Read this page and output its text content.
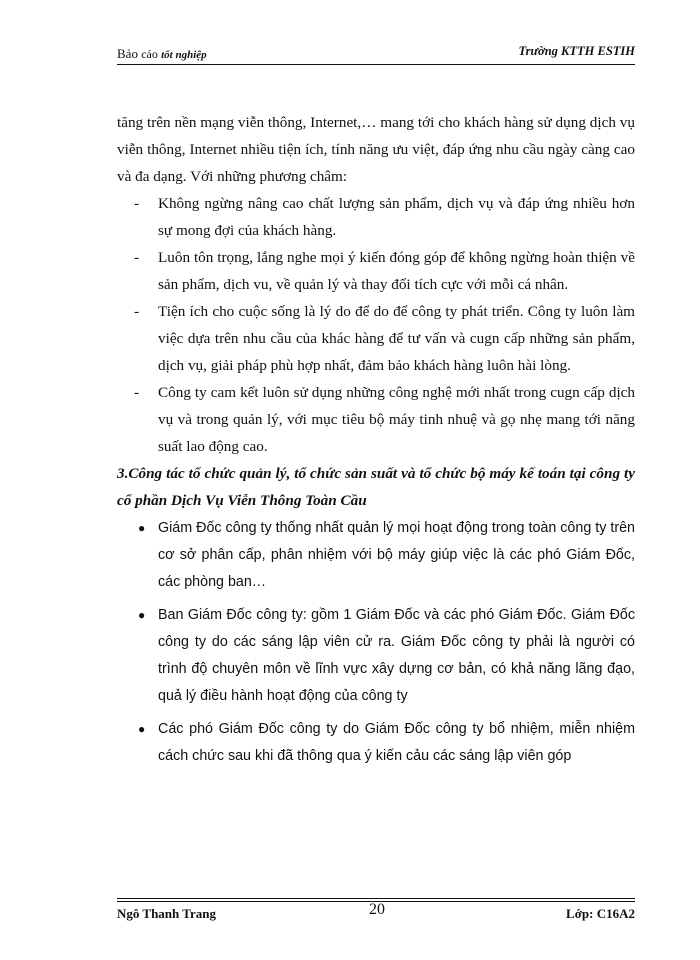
Bảo cáo tốt nghiệp	Trường KTTH ESTIH

tăng trên nền mạng viễn thông, Internet,… mang tới cho khách hàng sử dụng dịch vụ viễn thông, Internet nhiều tiện ích, tính năng ưu việt, đáp ứng nhu cầu ngày càng cao và đa dạng. Với những phương châm:

- Không ngừng nâng cao chất lượng sản phẩm, dịch vụ và đáp ứng nhiều hơn sự mong đợi của khách hàng.
- Luôn tôn trọng, lắng nghe mọi ý kiến đóng góp để không ngừng hoàn thiện về sản phẩm, dịch vu, về quản lý và thay đổi tích cực với mỗi cá nhân.
- Tiện ích cho cuộc sống là lý do để do để công ty phát triển. Công ty luôn làm việc dựa trên nhu cầu của khác hàng để tư vấn và cugn cấp những sản phẩm, dịch vụ, giải pháp phù hợp nhất, đảm bảo khách hàng luôn hài lòng.
- Công ty cam kết luôn sử dụng những công nghệ mới nhất trong cugn cấp dịch vụ và trong quản lý, với mục tiêu bộ máy tinh nhuệ và gọ nhẹ mang tới năng suất lao động cao.

3.Công tác tổ chức quản lý, tổ chức sản suất và tổ chức bộ máy kế toán tại công ty cổ phần Dịch Vụ Viễn Thông Toàn Cầu

● Giám Đốc công ty thống nhất quản lý mọi hoạt động trong toàn công ty trên cơ sở phân cấp, phân nhiệm với bộ máy giúp việc là các phó Giám Đốc, các phòng ban…
● Ban Giám Đốc công ty: gồm 1 Giám Đốc và các phó Giám Đốc. Giám Đốc công ty do các sáng lập viên cử ra. Giám Đốc công ty phải là người có trình độ chuyên môn về lĩnh vực xây dựng cơ bản, có khả năng lãng đạo, quả lý điều hành hoạt động của công ty
● Các phó Giám Đốc công ty do Giám Đốc công ty bổ nhiệm, miễn nhiệm cách chức sau khi đã thông qua ý kiến cảu các sáng lập viên góp
Ngô Thanh Trang	20	Lớp: C16A2
